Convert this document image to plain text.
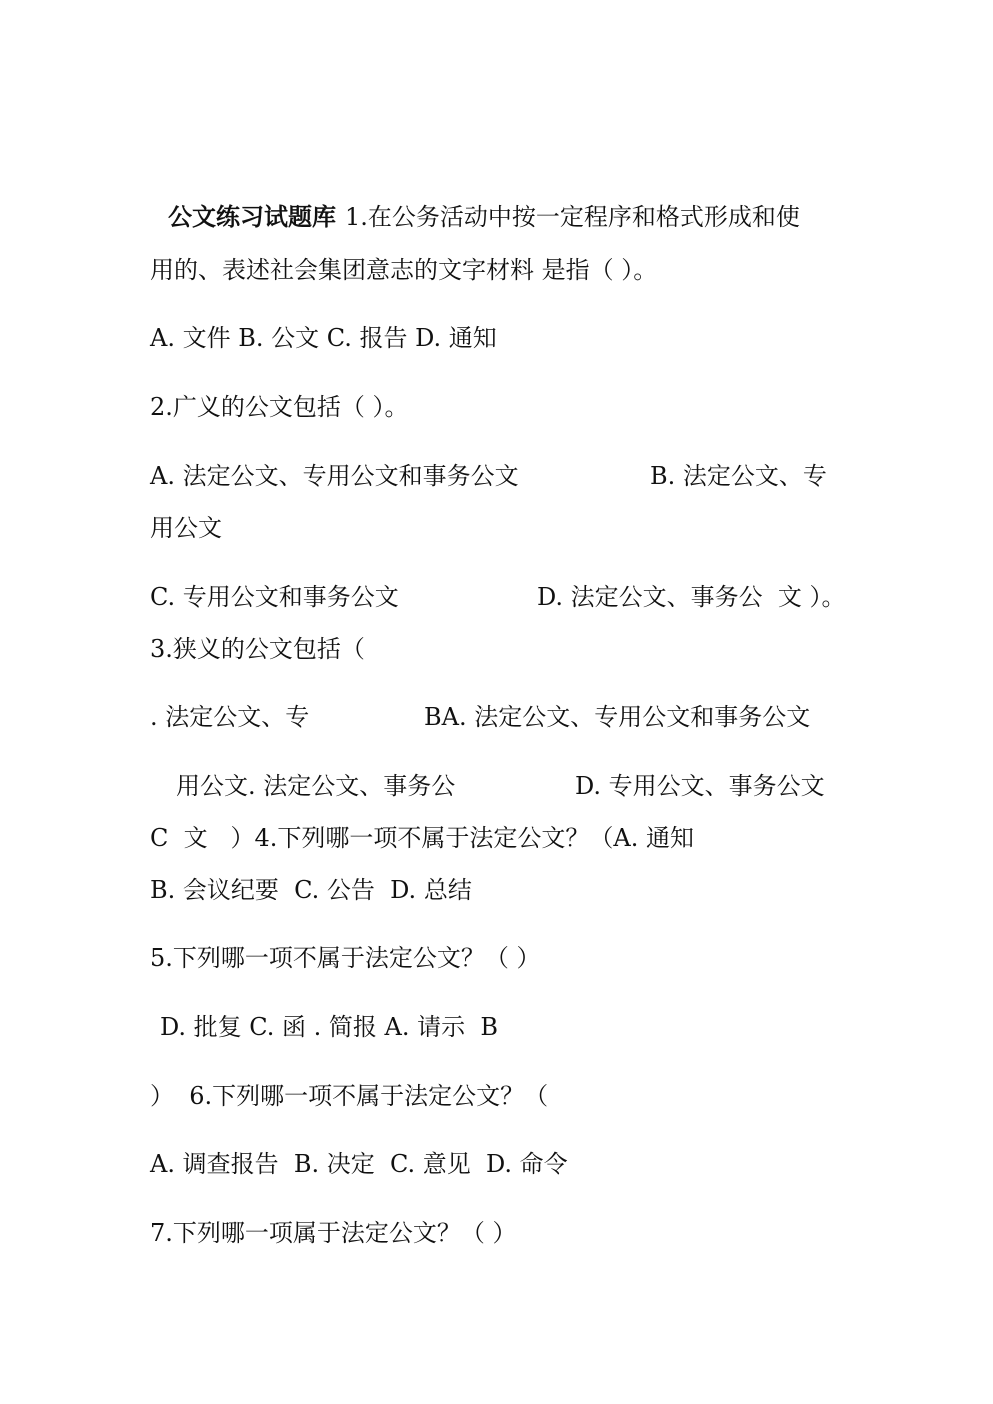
公文练习试题库 1.在公务活动中按一定程序和格式形成和使
用的、表述社会集团意志的文字材料 是指（ ）。
A. 文件 B. 公文 C. 报告 D. 通知
2.广义的公文包括（ ）。
A. 法定公文、专用公文和事务公文	B. 法定公文、专
用公文
C. 专用公文和事务公文	D. 法定公文、事务公  文 ）。
3.狭义的公文包括（
. 法定公文、专	BA. 法定公文、专用公文和事务公文
用公文. 法定公文、事务公	D. 专用公文、事务公文
C  文   ）4.下列哪一项不属于法定公文？（A. 通知
B. 会议纪要  C. 公告  D. 总结
5.下列哪一项不属于法定公文？（ ）
D. 批复 C. 函 . 简报 A. 请示  B
）  6.下列哪一项不属于法定公文？（
A. 调查报告  B. 决定  C. 意见  D. 命令
7.下列哪一项属于法定公文？（ ）
